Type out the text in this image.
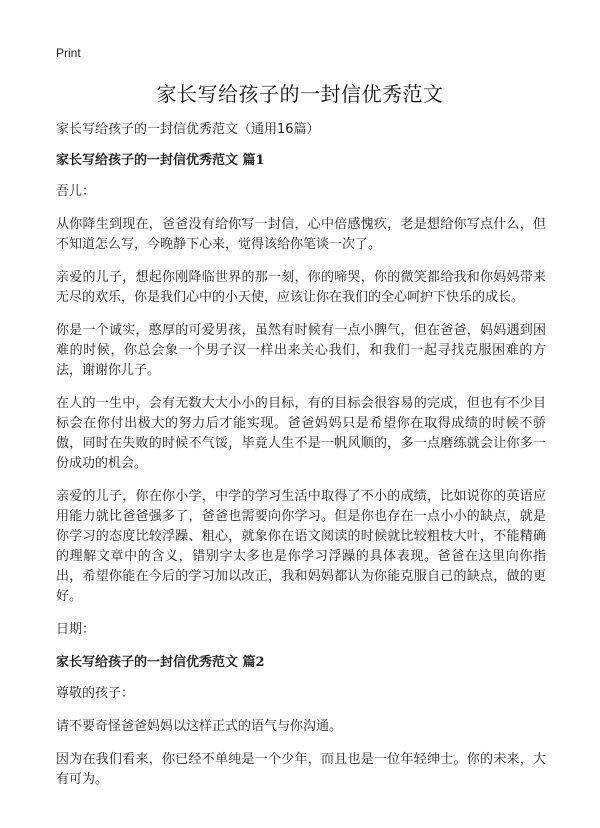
Print
家长写给孩子的一封信优秀范文

家长写给孩子的一封信优秀范文（通用16篇）

家长写给孩子的一封信优秀范文 篇1

吾儿：

从你降生到现在，爸爸没有给你写一封信，心中倍感愧疚，老是想给你写点什么，但不知道怎么写，今晚静下心来，觉得该给你笔谈一次了。

亲爱的儿子，想起你刚降临世界的那一刻，你的啼哭，你的微笑都给我和你妈妈带来无尽的欢乐，你是我们心中的小天使，应该让你在我们的全心呵护下快乐的成长。

你是一个诚实，憨厚的可爱男孩，虽然有时候有一点小脾气，但在爸爸，妈妈遇到困难的时候，你总会象一个男子汉一样出来关心我们，和我们一起寻找克服困难的方法，谢谢你儿子。

在人的一生中，会有无数大大小小的目标，有的目标会很容易的完成，但也有不少目标会在你付出极大的努力后才能实现。爸爸妈妈只是希望你在取得成绩的时候不骄傲，同时在失败的时候不气馁，毕竟人生不是一帆风顺的，多一点磨练就会让你多一份成功的机会。

亲爱的儿子，你在你小学，中学的学习生活中取得了不小的成绩，比如说你的英语应用能力就比爸爸强多了，爸爸也需要向你学习。但是你也存在一点小小的缺点，就是你学习的态度比较浮躁、粗心，就象你在语文阅读的时候就比较粗枝大叶，不能精确的理解文章中的含义，错别字太多也是你学习浮躁的具体表现。爸爸在这里向你指出，希望你能在今后的学习加以改正，我和妈妈都认为你能克服自己的缺点，做的更好。

日期：

家长写给孩子的一封信优秀范文 篇2

尊敬的孩子：

请不要奇怪爸爸妈妈以这样正式的语气与你沟通。

因为在我们看来，你已经不单纯是一个少年，而且也是一位年轻绅士。你的未来，大有可为。
